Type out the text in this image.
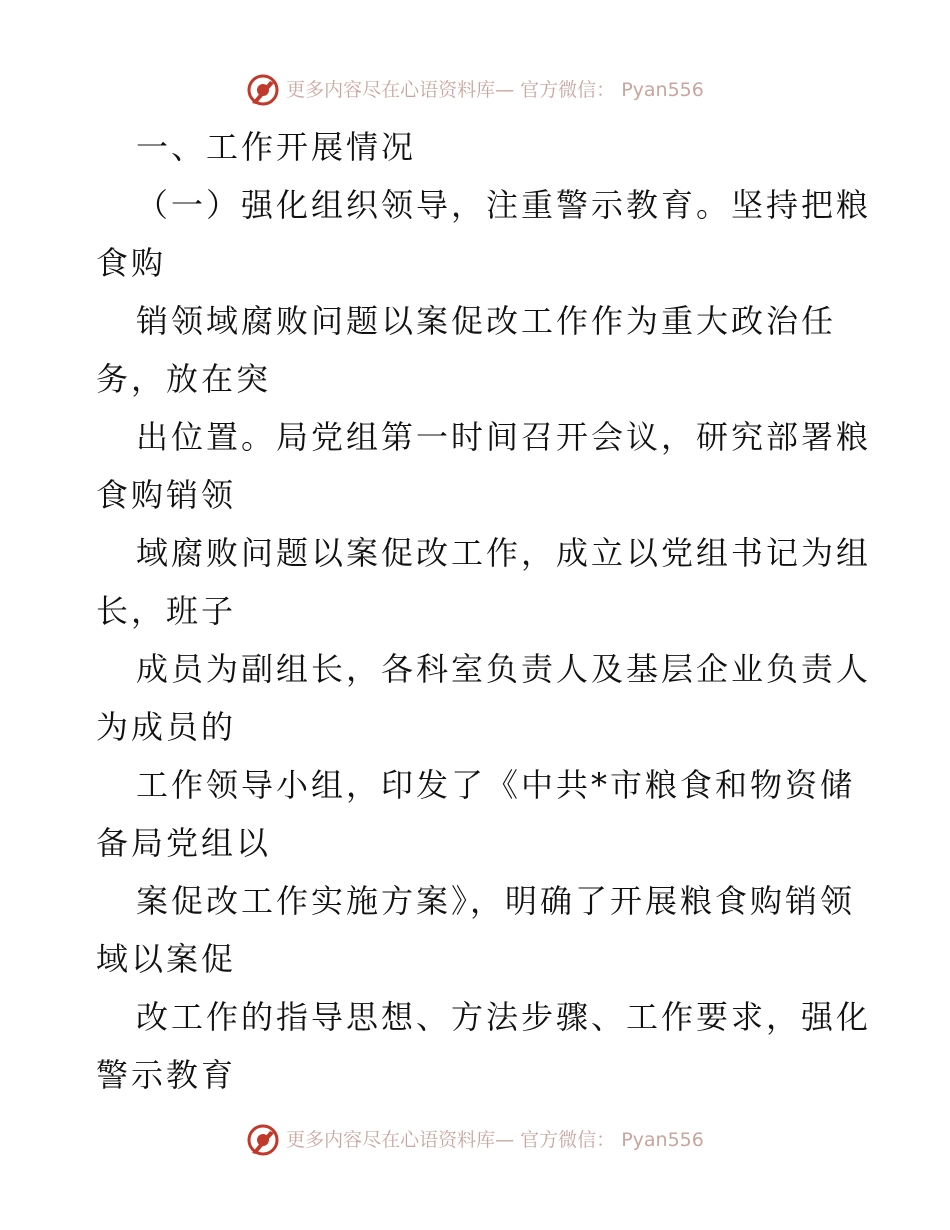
更多内容尽在心语资料库— 官方微信： Pyan556
一、工作开展情况
（一）强化组织领导，注重警示教育。坚持把粮
食购
销领域腐败问题以案促改工作作为重大政治任
务，放在突
出位置。局党组第一时间召开会议，研究部署粮
食购销领
域腐败问题以案促改工作，成立以党组书记为组
长，班子
成员为副组长，各科室负责人及基层企业负责人
为成员的
工作领导小组，印发了《中共*市粮食和物资储
备局党组以
案促改工作实施方案》，明确了开展粮食购销领
域以案促
改工作的指导思想、方法步骤、工作要求，强化
警示教育
更多内容尽在心语资料库— 官方微信： Pyan556
